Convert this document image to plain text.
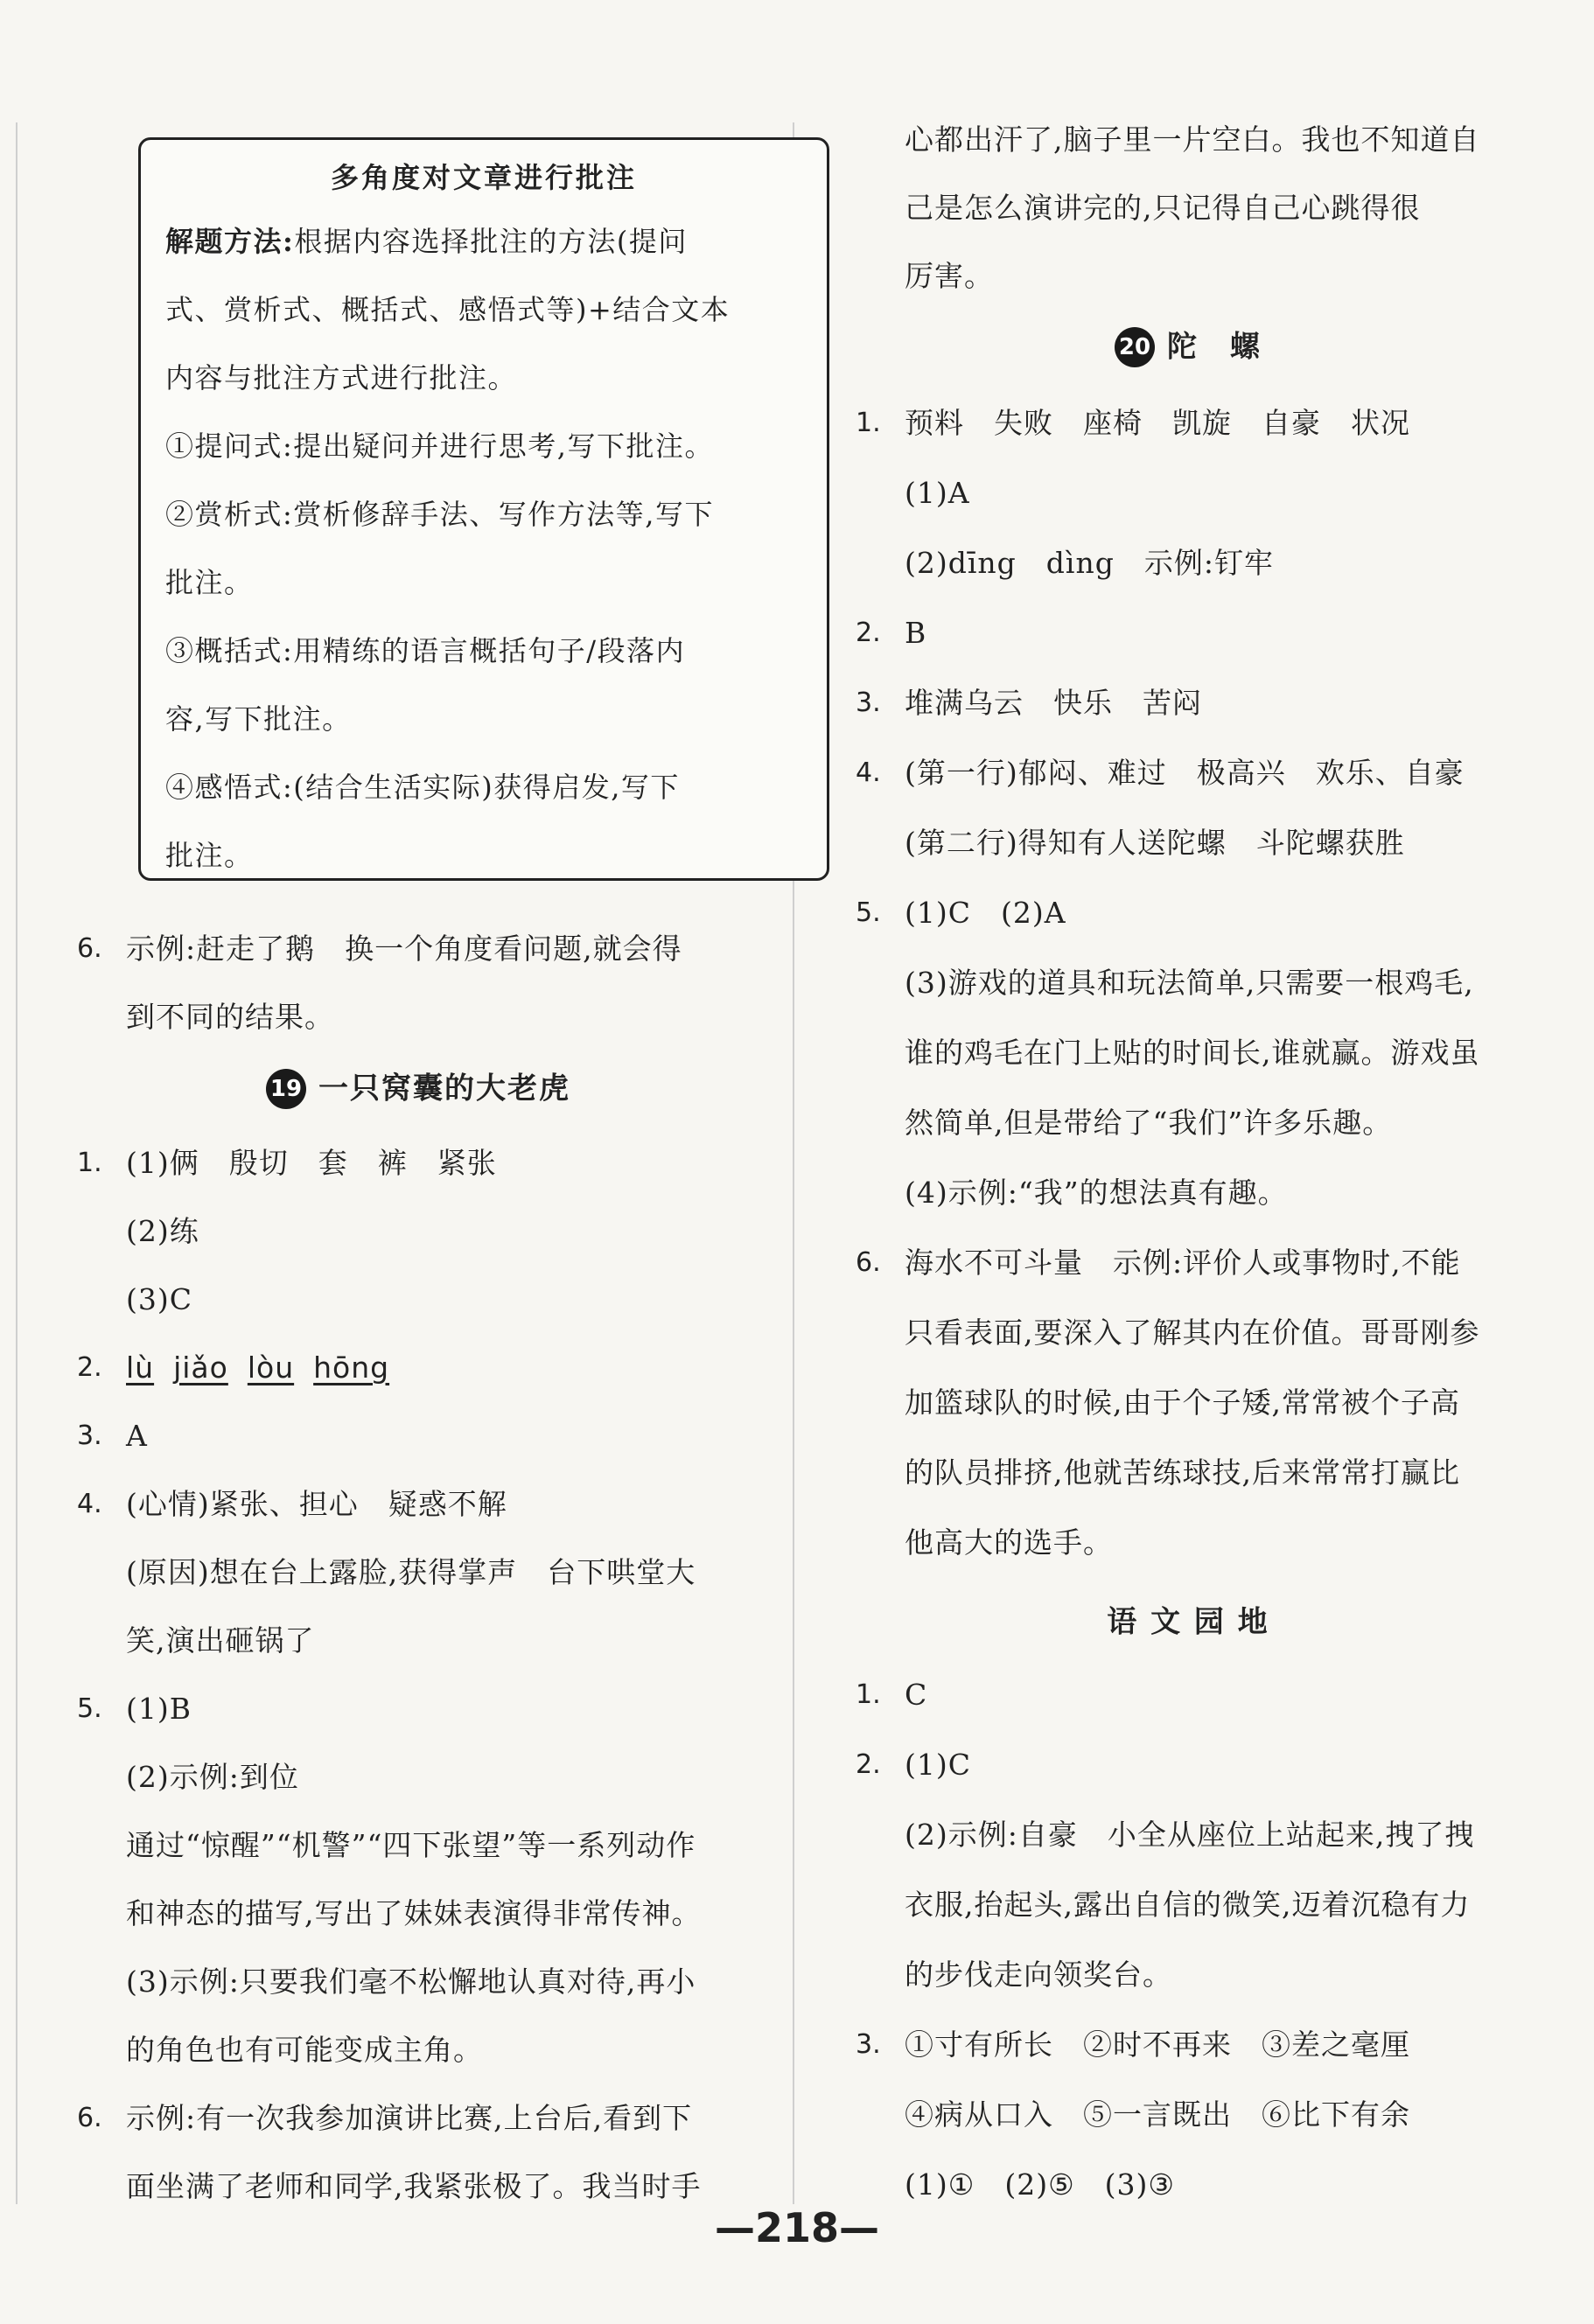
多角度对文章进行批注
解题方法:根据内容选择批注的方法(提问
式、赏析式、概括式、感悟式等)+结合文本
内容与批注方式进行批注。
①提问式:提出疑问并进行思考,写下批注。
②赏析式:赏析修辞手法、写作方法等,写下
批注。
③概括式:用精练的语言概括句子/段落内
容,写下批注。
④感悟式:(结合生活实际)获得启发,写下
批注。
6. 示例:赶走了鹅　换一个角度看问题,就会得
到不同的结果。
19 一只窝囊的大老虎
1. (1)俩　殷切　套　裤　紧张
(2)练
(3)C
2. lù jiǎo lòu hōng
3. A
4. (心情)紧张、担心　疑惑不解
(原因)想在台上露脸,获得掌声　台下哄堂大
笑,演出砸锅了
5. (1)B
(2)示例:到位
通过“惊醒”“机警”“四下张望”等一系列动作
和神态的描写,写出了妹妹表演得非常传神。
(3)示例:只要我们毫不松懈地认真对待,再小
的角色也有可能变成主角。
6. 示例:有一次我参加演讲比赛,上台后,看到下
面坐满了老师和同学,我紧张极了。我当时手
心都出汗了,脑子里一片空白。我也不知道自
己是怎么演讲完的,只记得自己心跳得很
厉害。
20 陀　螺
1. 预料　失败　座椅　凯旋　自豪　状况
(1)A
(2)dīng　dìng　示例:钉牢
2. B
3. 堆满乌云　快乐　苦闷
4. (第一行)郁闷、难过　极高兴　欢乐、自豪
(第二行)得知有人送陀螺　斗陀螺获胜
5. (1)C　(2)A
(3)游戏的道具和玩法简单,只需要一根鸡毛,
谁的鸡毛在门上贴的时间长,谁就赢。游戏虽
然简单,但是带给了“我们”许多乐趣。
(4)示例:“我”的想法真有趣。
6. 海水不可斗量　示例:评价人或事物时,不能
只看表面,要深入了解其内在价值。哥哥刚参
加篮球队的时候,由于个子矮,常常被个子高
的队员排挤,他就苦练球技,后来常常打赢比
他高大的选手。
语 文 园 地
1. C
2. (1)C
(2)示例:自豪　小全从座位上站起来,拽了拽
衣服,抬起头,露出自信的微笑,迈着沉稳有力
的步伐走向领奖台。
3. ①寸有所长　②时不再来　③差之毫厘
④病从口入　⑤一言既出　⑥比下有余
(1)①　(2)⑤　(3)③
—218—
